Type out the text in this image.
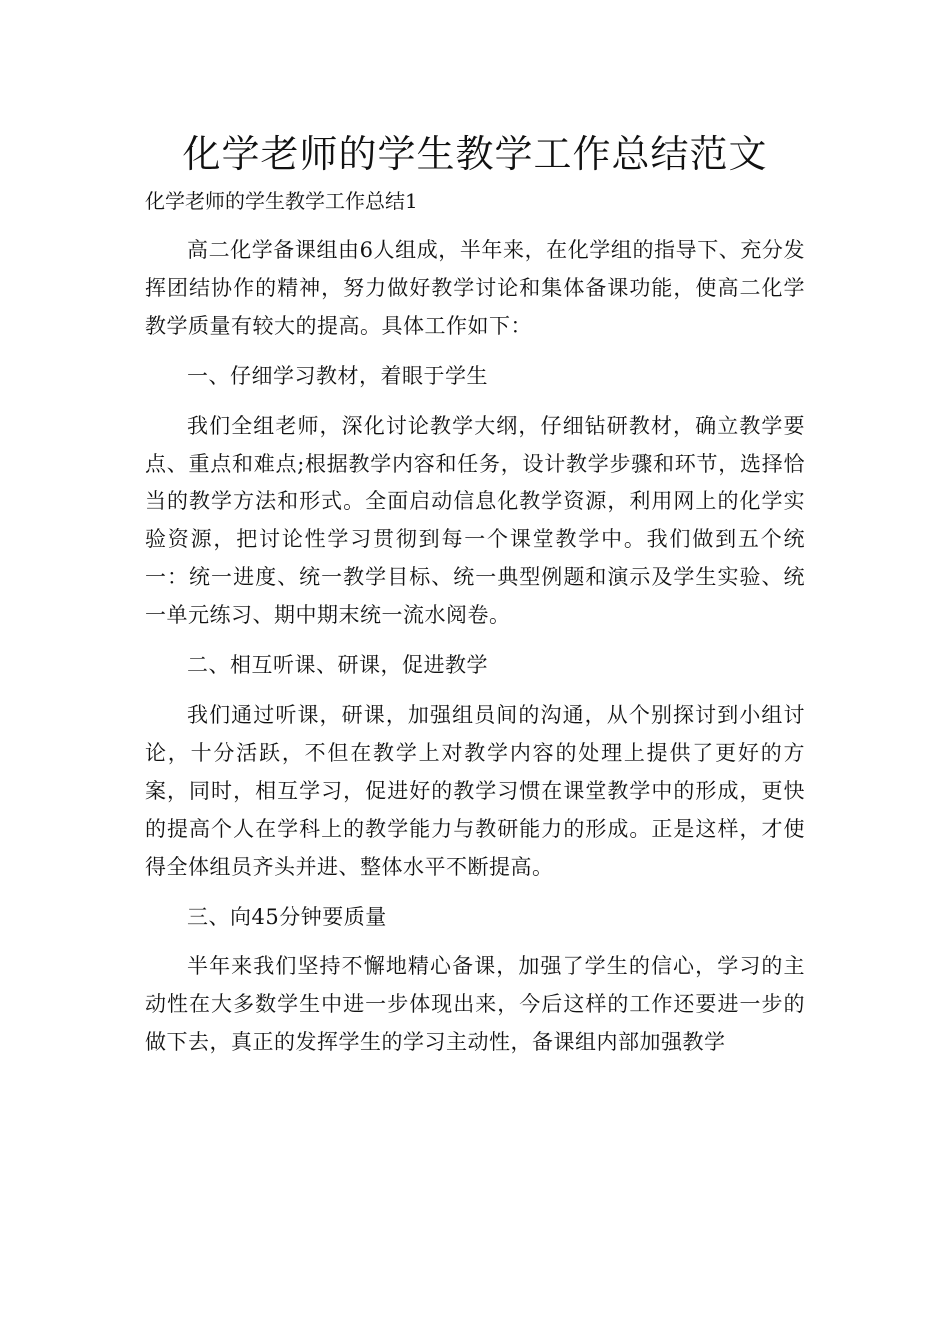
化学老师的学生教学工作总结范文
化学老师的学生教学工作总结1

高二化学备课组由6人组成，半年来，在化学组的指导下、充分发挥团结协作的精神，努力做好教学讨论和集体备课功能，使高二化学教学质量有较大的提高。具体工作如下：

一、仔细学习教材，着眼于学生

我们全组老师，深化讨论教学大纲，仔细钻研教材，确立教学要点、重点和难点;根据教学内容和任务，设计教学步骤和环节，选择恰当的教学方法和形式。全面启动信息化教学资源，利用网上的化学实验资源，把讨论性学习贯彻到每一个课堂教学中。我们做到五个统一：统一进度、统一教学目标、统一典型例题和演示及学生实验、统一单元练习、期中期末统一流水阅卷。

二、相互听课、研课，促进教学

我们通过听课，研课，加强组员间的沟通，从个别探讨到小组讨论，十分活跃，不但在教学上对教学内容的处理上提供了更好的方案，同时，相互学习，促进好的教学习惯在课堂教学中的形成，更快的提高个人在学科上的教学能力与教研能力的形成。正是这样，才使得全体组员齐头并进、整体水平不断提高。

三、向45分钟要质量

半年来我们坚持不懈地精心备课，加强了学生的信心，学习的主动性在大多数学生中进一步体现出来，今后这样的工作还要进一步的做下去，真正的发挥学生的学习主动性，备课组内部加强教学
